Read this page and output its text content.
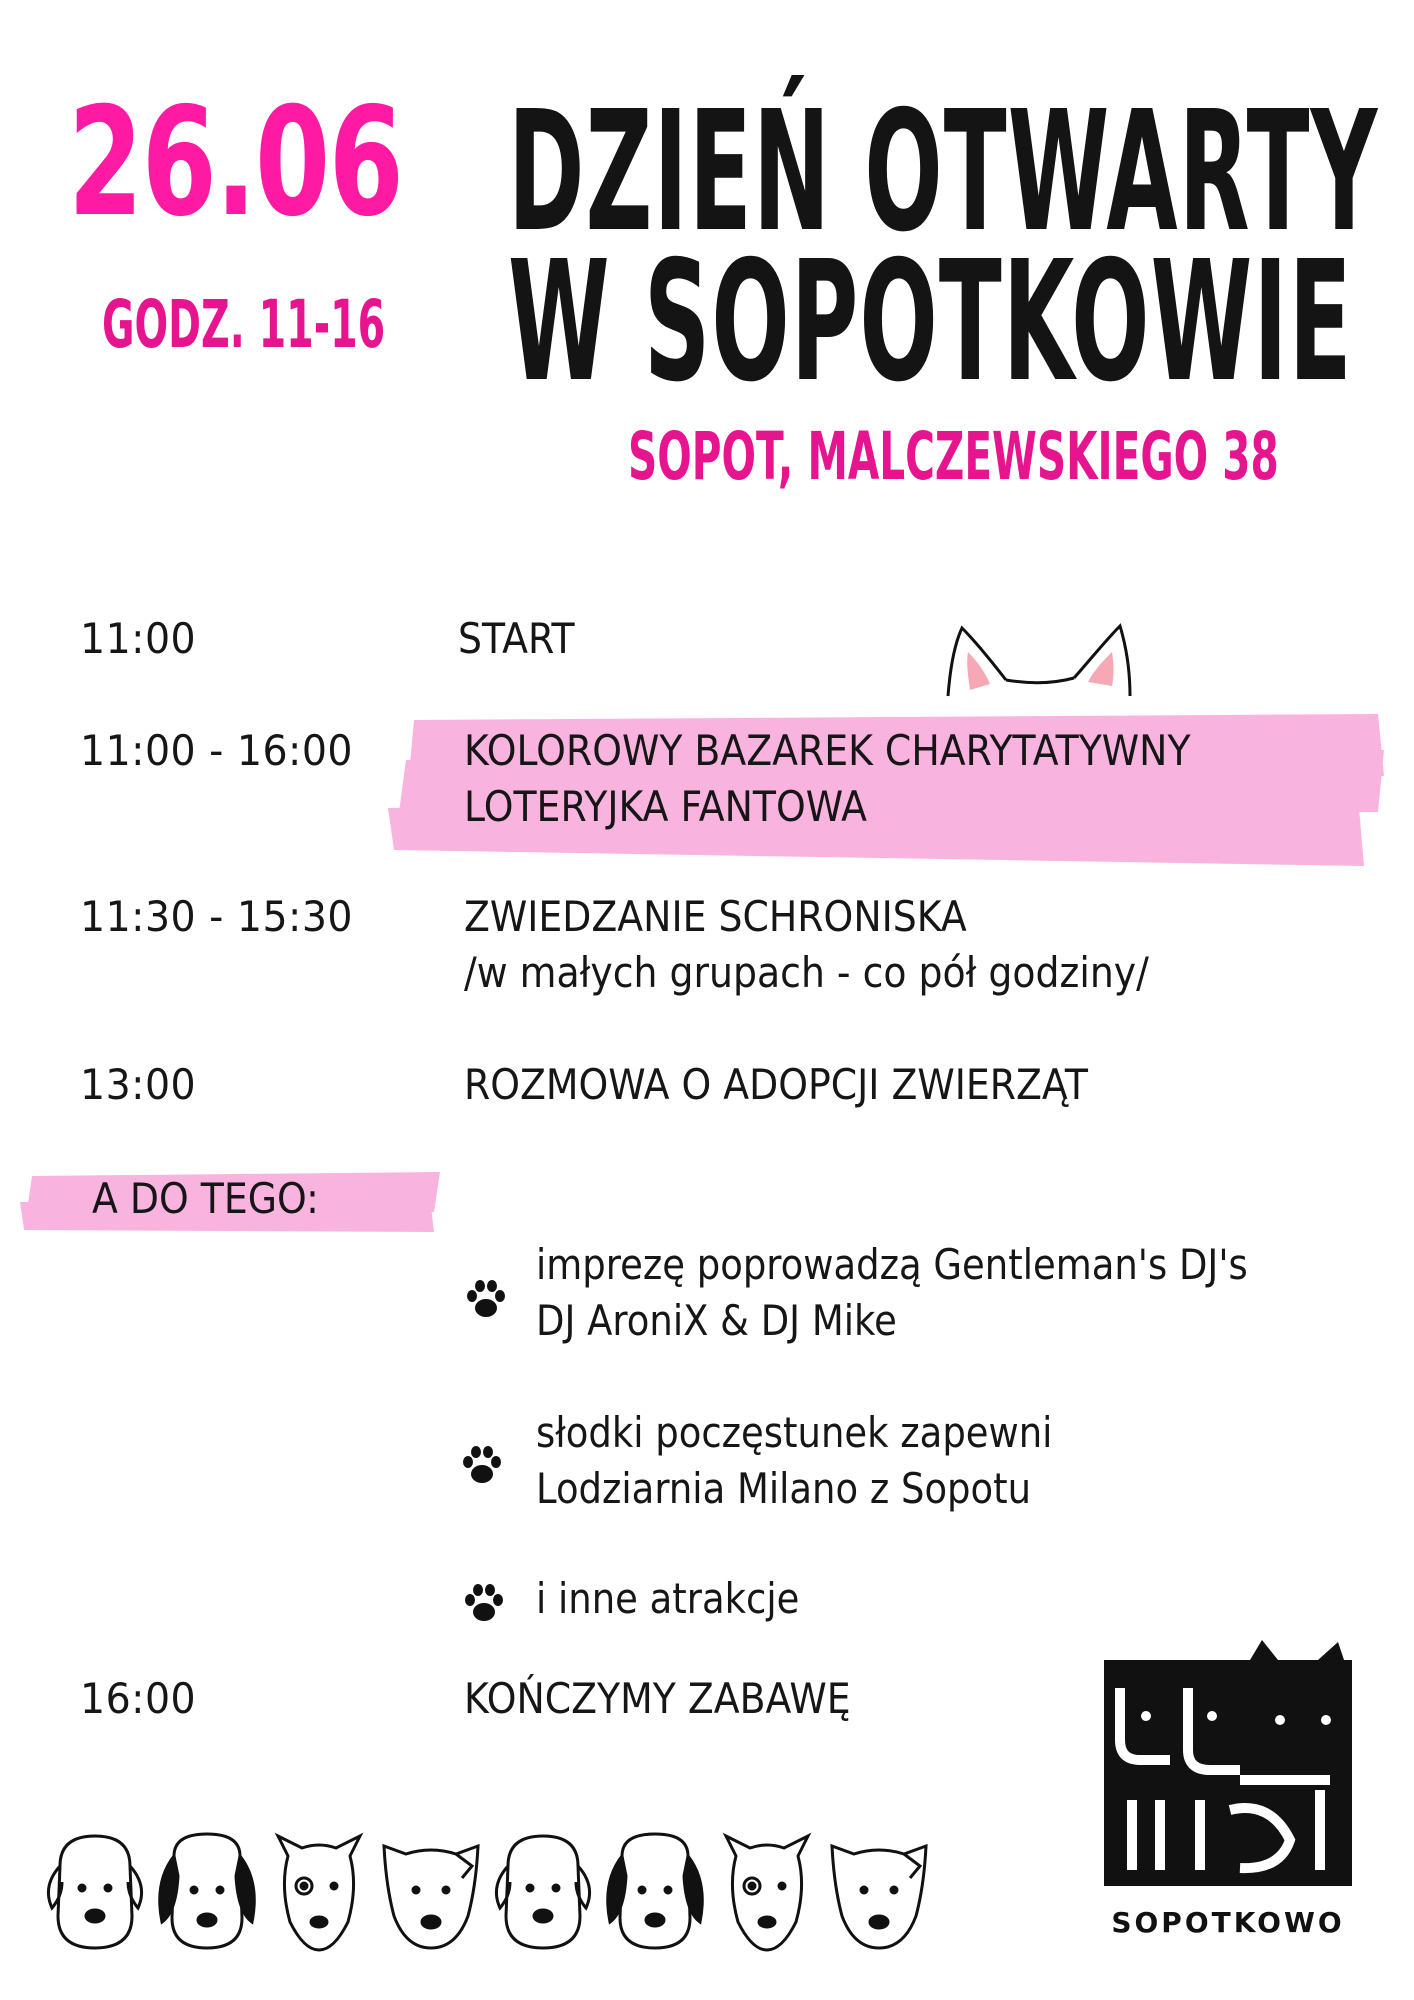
26.06
GODZ. 11-16
DZIEŃ OTWARTY
W SOPOTKOWIE
SOPOT, MALCZEWSKIEGO 38
11:00	START
11:00 - 16:00	KOLOROWY BAZAREK CHARYTATYWNY
LOTERYJKA FANTOWA
11:30 - 15:30	ZWIEDZANIE SCHRONISKA
/w małych grupach - co pół godziny/
13:00	ROZMOWA O ADOPCJI ZWIERZĄT
A DO TEGO:
imprezę poprowadzą Gentleman's DJ's
DJ AroniX & DJ Mike
słodki poczęstunek zapewni
Lodziarnia Milano z Sopotu
i inne atrakcje
16:00	KOŃCZYMY ZABAWĘ
SOPOTKOWO
